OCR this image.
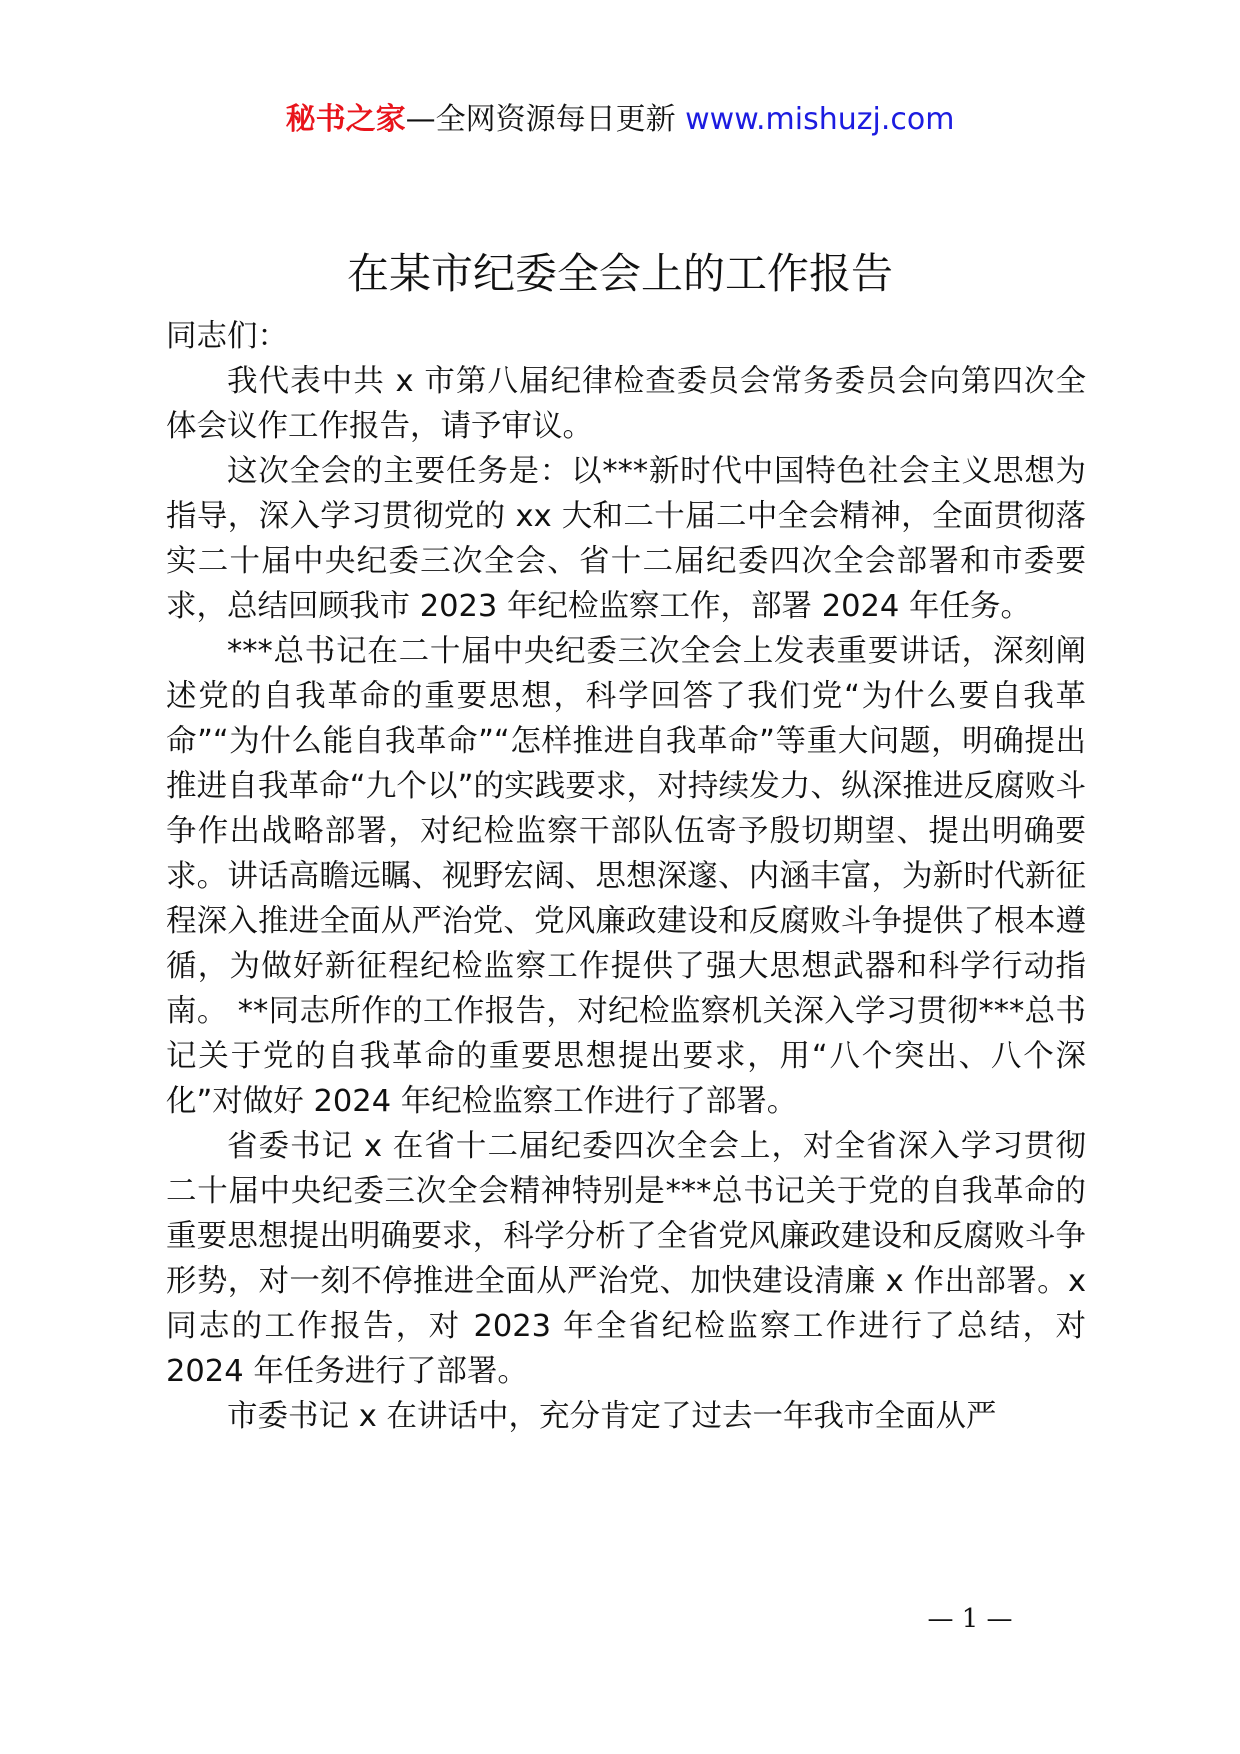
秘书之家—全网资源每日更新 www.mishuzj.com
在某市纪委全会上的工作报告

同志们：

我代表中共 x 市第八届纪律检查委员会常务委员会向第四次全体会议作工作报告，请予审议。

这次全会的主要任务是：以***新时代中国特色社会主义思想为指导，深入学习贯彻党的 xx 大和二十届二中全会精神，全面贯彻落实二十届中央纪委三次全会、省十二届纪委四次全会部署和市委要求，总结回顾我市 2023 年纪检监察工作，部署 2024 年任务。

***总书记在二十届中央纪委三次全会上发表重要讲话，深刻阐述党的自我革命的重要思想，科学回答了我们党“为什么要自我革命”“为什么能自我革命”“怎样推进自我革命”等重大问题，明确提出推进自我革命“九个以”的实践要求，对持续发力、纵深推进反腐败斗争作出战略部署，对纪检监察干部队伍寄予殷切期望、提出明确要求。讲话高瞻远瞩、视野宏阔、思想深邃、内涵丰富，为新时代新征程深入推进全面从严治党、党风廉政建设和反腐败斗争提供了根本遵循，为做好新征程纪检监察工作提供了强大思想武器和科学行动指南。 **同志所作的工作报告，对纪检监察机关深入学习贯彻***总书记关于党的自我革命的重要思想提出要求，用“八个突出、八个深化”对做好 2024 年纪检监察工作进行了部署。

省委书记 x 在省十二届纪委四次全会上，对全省深入学习贯彻二十届中央纪委三次全会精神特别是***总书记关于党的自我革命的重要思想提出明确要求，科学分析了全省党风廉政建设和反腐败斗争形势，对一刻不停推进全面从严治党、加快建设清廉 x 作出部署。x 同志的工作报告，对 2023 年全省纪检监察工作进行了总结，对 2024 年任务进行了部署。

市委书记 x 在讲话中，充分肯定了过去一年我市全面从严

— 1 —
